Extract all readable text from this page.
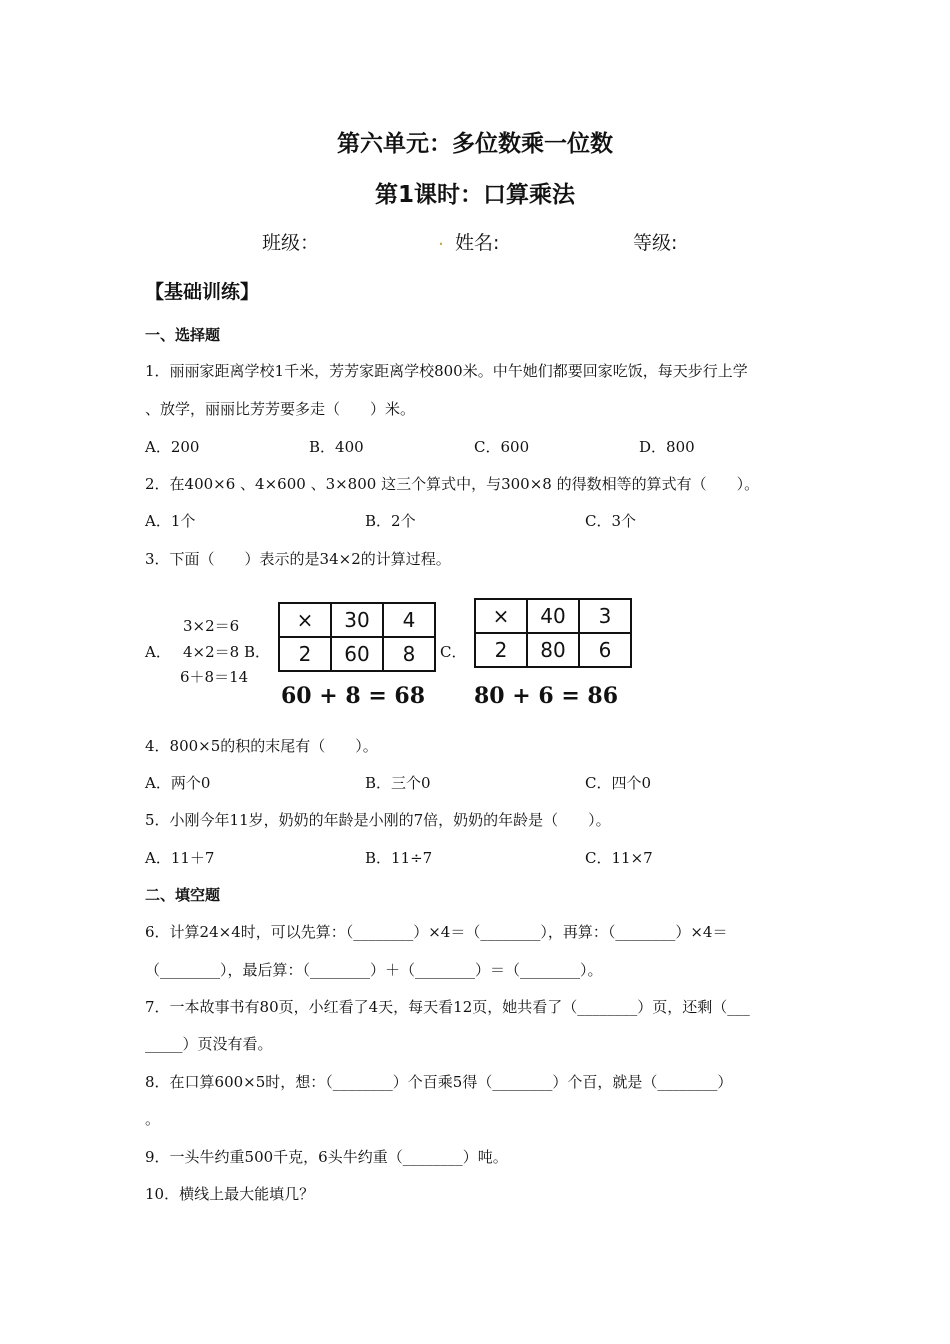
第六单元：多位数乘一位数
第1课时：口算乘法
班级：	. 姓名:	等级:
【基础训练】
一、选择题
1．丽丽家距离学校1千米，芳芳家距离学校800米。中午她们都要回家吃饭，每天步行上学
、放学，丽丽比芳芳要多走（　　）米。
A．200	B．400	C．600	D．800
2．在400×6 、4×600 、3×800 这三个算式中，与300×8 的得数相等的算式有（　　）。
A．1个	B．2个	C．3个
3．下面（　　）表示的是34×2的计算过程。
A．
3×2＝6
4×2＝8
6＋8＝14
B．
×	30	4
2	60	8
60 + 8 = 68
C．
×	40	3
2	80	6
80 + 6 = 86
4．800×5的积的末尾有（　　）。
A．两个0	B．三个0	C．四个0
5．小刚今年11岁，奶奶的年龄是小刚的7倍，奶奶的年龄是（　　）。
A．11＋7	B．11÷7	C．11×7
二、填空题
6．计算24×4时，可以先算：（________）×4＝（________），再算：（________）×4＝
（________），最后算：（________）＋（________）＝（________）。
7．一本故事书有80页，小红看了4天，每天看12页，她共看了（________）页，还剩（___
_____）页没有看。
8．在口算600×5时，想：（________）个百乘5得（________）个百，就是（________）
。
9．一头牛约重500千克，6头牛约重（________）吨。
10．横线上最大能填几？
